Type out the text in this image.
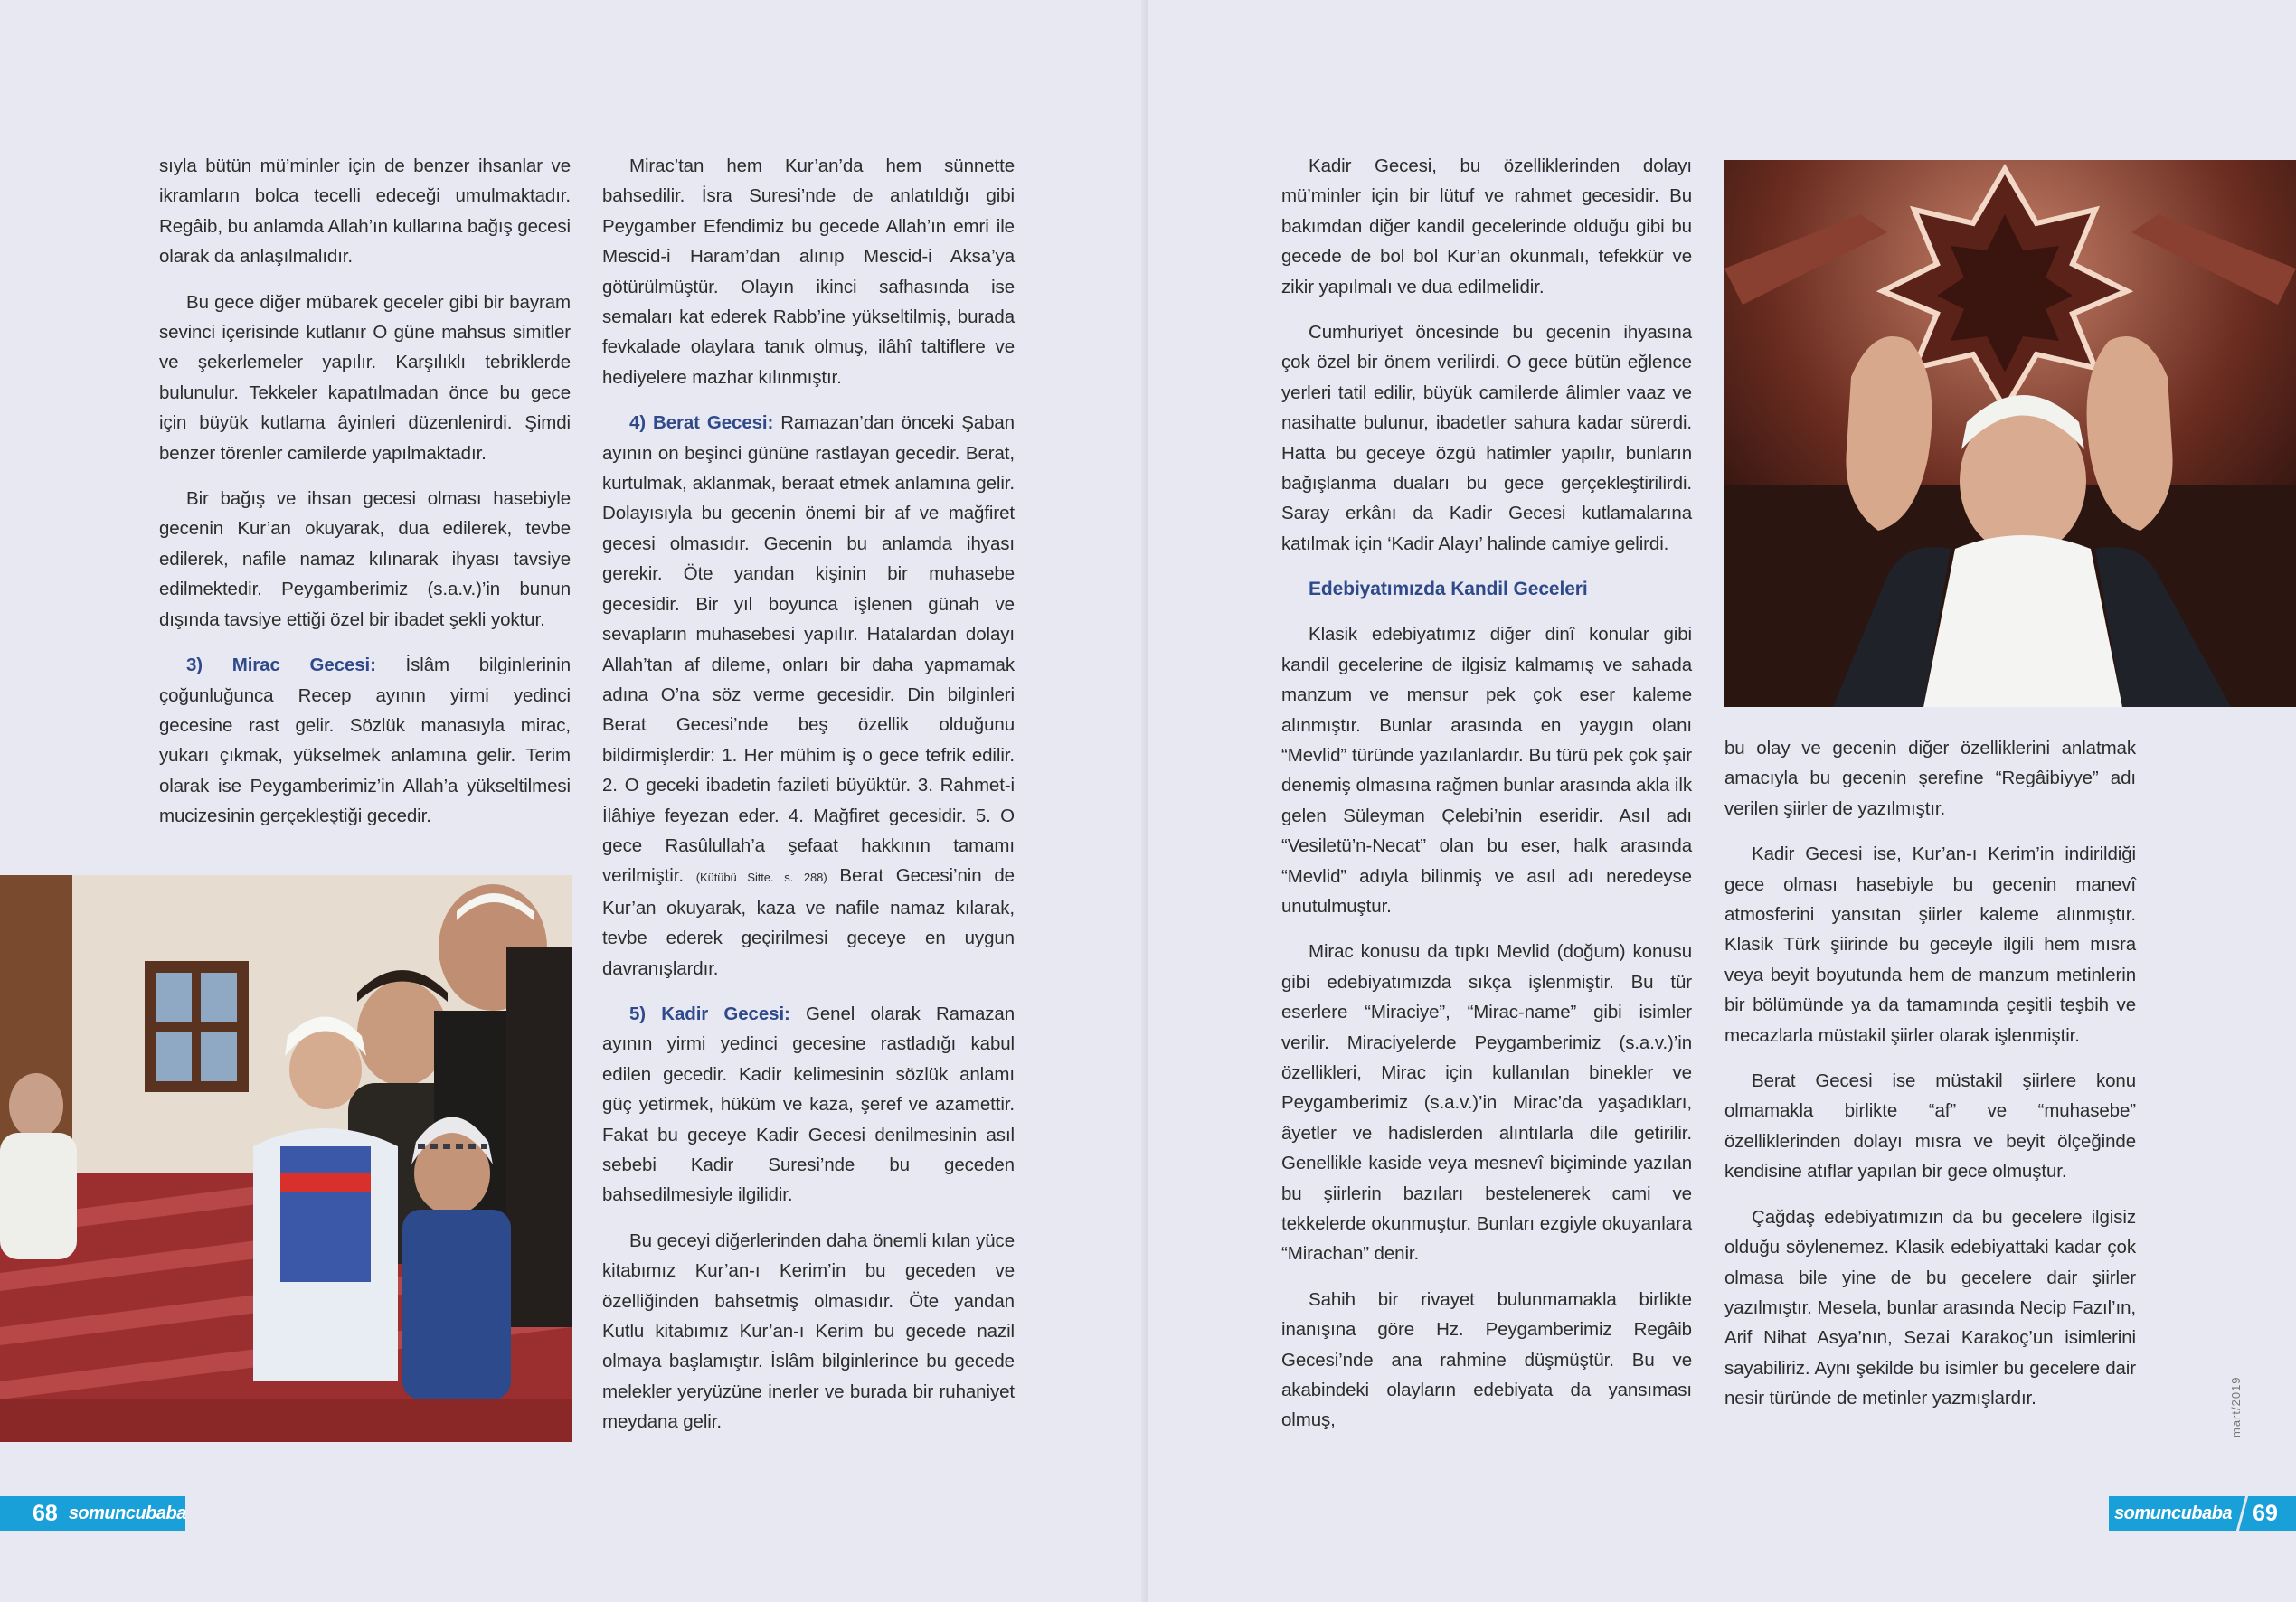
sıyla bütün mü’minler için de benzer ihsanlar ve ikramların bolca tecelli edeceği umulmaktadır. Regâib, bu anlamda Allah’ın kullarına bağış gecesi olarak da anlaşılmalıdır.

Bu gece diğer mübarek geceler gibi bir bayram sevinci içerisinde kutlanır O güne mahsus simitler ve şekerlemeler yapılır. Karşılıklı tebriklerde bulunulur. Tekkeler kapatılmadan önce bu gece için büyük kutlama âyinleri düzenlenirdi. Şimdi benzer törenler camilerde yapılmaktadır.

Bir bağış ve ihsan gecesi olması hasebiyle gecenin Kur’an okuyarak, dua edilerek, tevbe edilerek, nafile namaz kılınarak ihyası tavsiye edilmektedir. Peygamberimiz (s.a.v.)’in bunun dışında tavsiye ettiği özel bir ibadet şekli yoktur.

3) Mirac Gecesi: İslâm bilginlerinin çoğunluğunca Recep ayının yirmi yedinci gecesine rast gelir. Sözlük manasıyla mirac, yukarı çıkmak, yükselmek anlamına gelir. Terim olarak ise Peygamberimiz’in Allah’a yükseltilmesi mucizesinin gerçekleştiği gecedir.

Mirac’tan hem Kur’an’da hem sünnette bahsedilir. İsra Suresi’nde de anlatıldığı gibi Peygamber Efendimiz bu gecede Allah’ın emri ile Mescid-i Haram’dan alınıp Mescid-i Aksa’ya götürülmüştür. Olayın ikinci safhasında ise semaları kat ederek Rabb’ine yükseltilmiş, burada fevkalade olaylara tanık olmuş, ilâhî taltiflere ve hediyelere mazhar kılınmıştır.

4) Berat Gecesi: Ramazan’dan önceki Şaban ayının on beşinci gününe rastlayan gecedir. Berat, kurtulmak, aklanmak, beraat etmek anlamına gelir. Dolayısıyla bu gecenin önemi bir af ve mağfiret gecesi olmasıdır. Gecenin bu anlamda ihyası gerekir. Öte yandan kişinin bir muhasebe gecesidir. Bir yıl boyunca işlenen günah ve sevapların muhasebesi yapılır. Hatalardan dolayı Allah’tan af dileme, onları bir daha yapmamak adına O’na söz verme gecesidir. Din bilginleri Berat Gecesi’nde beş özellik olduğunu bildirmişlerdir: 1. Her mühim iş o gece tefrik edilir. 2. O geceki ibadetin fazileti büyüktür. 3. Rahmet-i İlâhiye feyezan eder. 4. Mağfiret gecesidir. 5. O gece Rasûlullah’a şefaat hakkının tamamı verilmiştir. (Kütübü Sitte. s. 288) Berat Gecesi’nin de Kur’an okuyarak, kaza ve nafile namaz kılarak, tevbe ederek geçirilmesi geceye en uygun davranışlardır.

5) Kadir Gecesi: Genel olarak Ramazan ayının yirmi yedinci gecesine rastladığı kabul edilen gecedir. Kadir kelimesinin sözlük anlamı güç yetirmek, hüküm ve kaza, şeref ve azamettir. Fakat bu geceye Kadir Gecesi denilmesinin asıl sebebi Kadir Suresi’nde bu geceden bahsedilmesiyle ilgilidir.

Bu geceyi diğerlerinden daha önemli kılan yüce kitabımız Kur’an-ı Kerim’in bu geceden ve özelliğinden bahsetmiş olmasıdır. Öte yandan Kutlu kitabımız Kur’an-ı Kerim bu gecede nazil olmaya başlamıştır. İslâm bilginlerince bu gecede melekler yeryüzüne inerler ve burada bir ruhaniyet meydana gelir.

68 somuncubaba

Kadir Gecesi, bu özelliklerinden dolayı mü’minler için bir lütuf ve rahmet gecesidir. Bu bakımdan diğer kandil gecelerinde olduğu gibi bu gecede de bol bol Kur’an okunmalı, tefekkür ve zikir yapılmalı ve dua edilmelidir.

Cumhuriyet öncesinde bu gecenin ihyasına çok özel bir önem verilirdi. O gece bütün eğlence yerleri tatil edilir, büyük camilerde âlimler vaaz ve nasihatte bulunur, ibadetler sahura kadar sürerdi. Hatta bu geceye özgü hatimler yapılır, bunların bağışlanma duaları bu gece gerçekleştirilirdi. Saray erkânı da Kadir Gecesi kutlamalarına katılmak için ‘Kadir Alayı’ halinde camiye gelirdi.

Edebiyatımızda Kandil Geceleri

Klasik edebiyatımız diğer dinî konular gibi kandil gecelerine de ilgisiz kalmamış ve sahada manzum ve mensur pek çok eser kaleme alınmıştır. Bunlar arasında en yaygın olanı “Mevlid” türünde yazılanlardır. Bu türü pek çok şair denemiş olmasına rağmen bunlar arasında akla ilk gelen Süleyman Çelebi’nin eseridir. Asıl adı “Vesiletü’n-Necat” olan bu eser, halk arasında “Mevlid” adıyla bilinmiş ve asıl adı neredeyse unutulmuştur.

Mirac konusu da tıpkı Mevlid (doğum) konusu gibi edebiyatımızda sıkça işlenmiştir. Bu tür eserlere “Miraciye”, “Mirac-name” gibi isimler verilir. Miraciyelerde Peygamberimiz (s.a.v.)’in özellikleri, Mirac için kullanılan binekler ve Peygamberimiz (s.a.v.)’in Mirac’da yaşadıkları, âyetler ve hadislerden alıntılarla dile getirilir. Genellikle kaside veya mesnevî biçiminde yazılan bu şiirlerin bazıları bestelenerek cami ve tekkelerde okunmuştur. Bunları ezgiyle okuyanlara “Mirachan” denir.

Sahih bir rivayet bulunmamakla birlikte inanışına göre Hz. Peygamberimiz Regâib Gecesi’nde ana rahmine düşmüştür. Bu ve akabindeki olayların edebiyata da yansıması olmuş,

bu olay ve gecenin diğer özelliklerini anlatmak amacıyla bu gecenin şerefine “Regâibiyye” adı verilen şiirler de yazılmıştır.

Kadir Gecesi ise, Kur’an-ı Kerim’in indirildiği gece olması hasebiyle bu gecenin manevî atmosferini yansıtan şiirler kaleme alınmıştır. Klasik Türk şiirinde bu geceyle ilgili hem mısra veya beyit boyutunda hem de manzum metinlerin bir bölümünde ya da tamamında çeşitli teşbih ve mecazlarla müstakil şiirler olarak işlenmiştir.

Berat Gecesi ise müstakil şiirlere konu olmamakla birlikte “af” ve “muhasebe” özelliklerinden dolayı mısra ve beyit ölçeğinde kendisine atıflar yapılan bir gece olmuştur.

Çağdaş edebiyatımızın da bu gecelere ilgisiz olduğu söylenemez. Klasik edebiyattaki kadar çok olmasa bile yine de bu gecelere dair şiirler yazılmıştır. Mesela, bunlar arasında Necip Fazıl’ın, Arif Nihat Asya’nın, Sezai Karakoç’un isimlerini sayabiliriz. Aynı şekilde bu isimler bu gecelere dair nesir türünde de metinler yazmışlardır.	mart/2019
somuncubaba 69
